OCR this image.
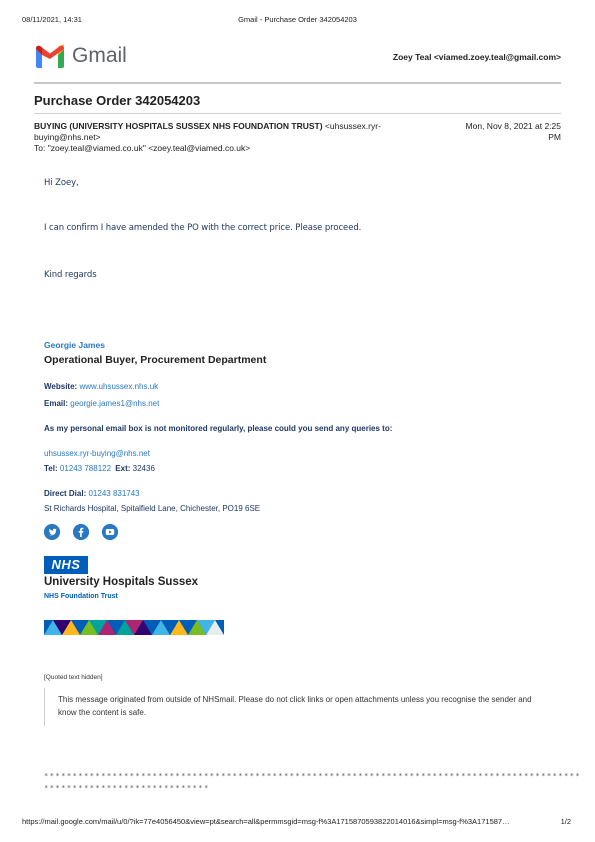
08/11/2021, 14:31	Gmail - Purchase Order 342054203
Gmail	Zoey Teal <viamed.zoey.teal@gmail.com>
Purchase Order 342054203
BUYING (UNIVERSITY HOSPITALS SUSSEX NHS FOUNDATION TRUST) <uhsussex.ryr-
buying@nhs.net>
Mon, Nov 8, 2021 at 2:25
PM
To: "zoey.teal@viamed.co.uk" <zoey.teal@viamed.co.uk>
Hi Zoey,
I can confirm I have amended the PO with the correct price. Please proceed.
Kind regards
Georgie James
Operational Buyer, Procurement Department
Website: www.uhsussex.nhs.uk
Email: georgie.james1@nhs.net
As my personal email box is not monitored regularly, please could you send any queries to:
uhsussex.ryr-buying@nhs.net
Tel: 01243 788122 Ext: 32436
Direct Dial: 01243 831743
St Richards Hospital, Spitalfield Lane, Chichester, PO19 6SE
NHS
University Hospitals Sussex
NHS Foundation Trust
[Quoted text hidden]
This message originated from outside of NHSmail. Please do not click links or open attachments unless you recognise the sender and know the content is safe.
**********************************************************************************************
*****************************
https://mail.google.com/mail/u/0/?ik=77e4056450&view=pt&search=all&permmsgid=msg-f%3A1715870593822014016&simpl=msg-f%3A171587…	1/2
